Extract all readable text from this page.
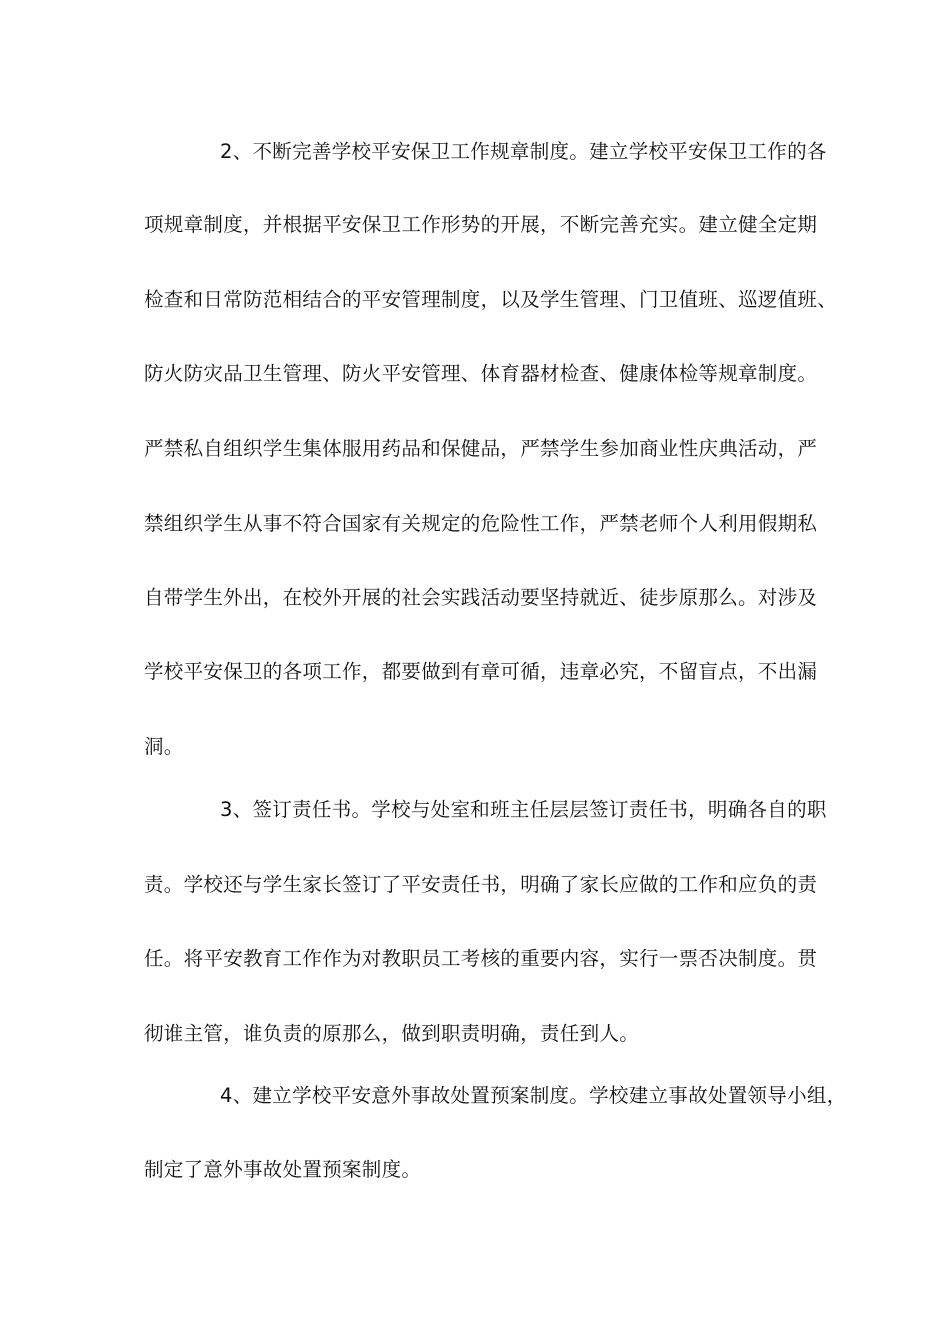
2、不断完善学校平安保卫工作规章制度。建立学校平安保卫工作的各
项规章制度，并根据平安保卫工作形势的开展，不断完善充实。建立健全定期
检查和日常防范相结合的平安管理制度，以及学生管理、门卫值班、巡逻值班、
防火防灾品卫生管理、防火平安管理、体育器材检查、健康体检等规章制度。
严禁私自组织学生集体服用药品和保健品，严禁学生参加商业性庆典活动，严
禁组织学生从事不符合国家有关规定的危险性工作，严禁老师个人利用假期私
自带学生外出，在校外开展的社会实践活动要坚持就近、徒步原那么。对涉及
学校平安保卫的各项工作，都要做到有章可循，违章必究，不留盲点，不出漏
洞。
3、签订责任书。学校与处室和班主任层层签订责任书，明确各自的职
责。学校还与学生家长签订了平安责任书，明确了家长应做的工作和应负的责
任。将平安教育工作作为对教职员工考核的重要内容，实行一票否决制度。贯
彻谁主管，谁负责的原那么，做到职责明确，责任到人。
4、建立学校平安意外事故处置预案制度。学校建立事故处置领导小组，
制定了意外事故处置预案制度。
